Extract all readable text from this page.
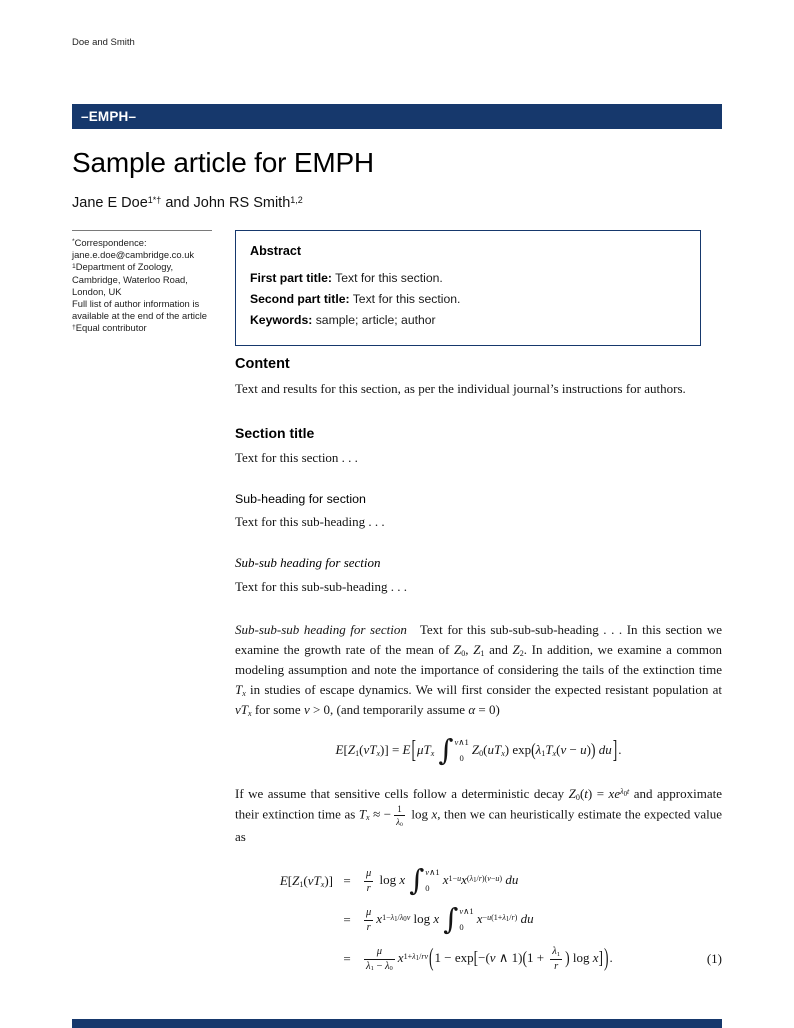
Doe and Smith
–EMPH–
Sample article for EMPH
Jane E Doe$^{1*\dagger}$ and John RS Smith$^{1,2}$
*Correspondence:
jane.e.doe@cambridge.co.uk
$^1$Department of Zoology,
Cambridge, Waterloo Road,
London, UK
Full list of author information is
available at the end of the article
†Equal contributor
Abstract
First part title: Text for this section.
Second part title: Text for this section.
Keywords: sample; article; author
Content

Text and results for this section, as per the individual journal’s instructions for authors.

Section title

Text for this section . . .

Sub-heading for section

Text for this sub-heading . . .

Sub-sub heading for section

Text for this sub-sub-heading . . .

Sub-sub-sub heading for section Text for this sub-sub-sub-heading . . . In this section we examine the growth rate of the mean of $Z_0$, $Z_1$ and $Z_2$. In addition, we examine a common modeling assumption and note the importance of considering the tails of the extinction time $T_x$ in studies of escape dynamics. We will first consider the expected resistant population at $vT_x$ for some v > 0, (and temporarily assume α = 0)

$E[Z_1(vT_x)] = E[\mu T_x$ ∫ v∧1
0
$Z_0(uT_x) \exp(\lambda_1T_x(v - u))$ du].

If we assume that sensitive cells follow a deterministic decay $Z_0(t) = xe^{\lambda_0t}$ and approximate their extinction time as $T_x$ ≈ − $\frac{1}{\lambda_0}$ log x, then we can heuristically estimate the expected value as

$E[Z_1(vT_x)]$ =	$\frac{\mu}{r}$ log x ∫ v∧1
0
$x^{1-u}x^{(\lambda_1/r)(v-u)}$ du
=	$\frac{\mu}{r} x^{1-\lambda_1/\lambda_0v}$ log x ∫ v∧1
0
$x^{-u(1+\lambda_1/r)}$ du
=	$\frac{\mu}{\lambda_1 - \lambda_0} x^{1+\lambda_1/rv}(1 - \exp[-(v$ ∧ $1)(1 + \frac{\lambda_1}{r}$ ) log x]).	(1)
